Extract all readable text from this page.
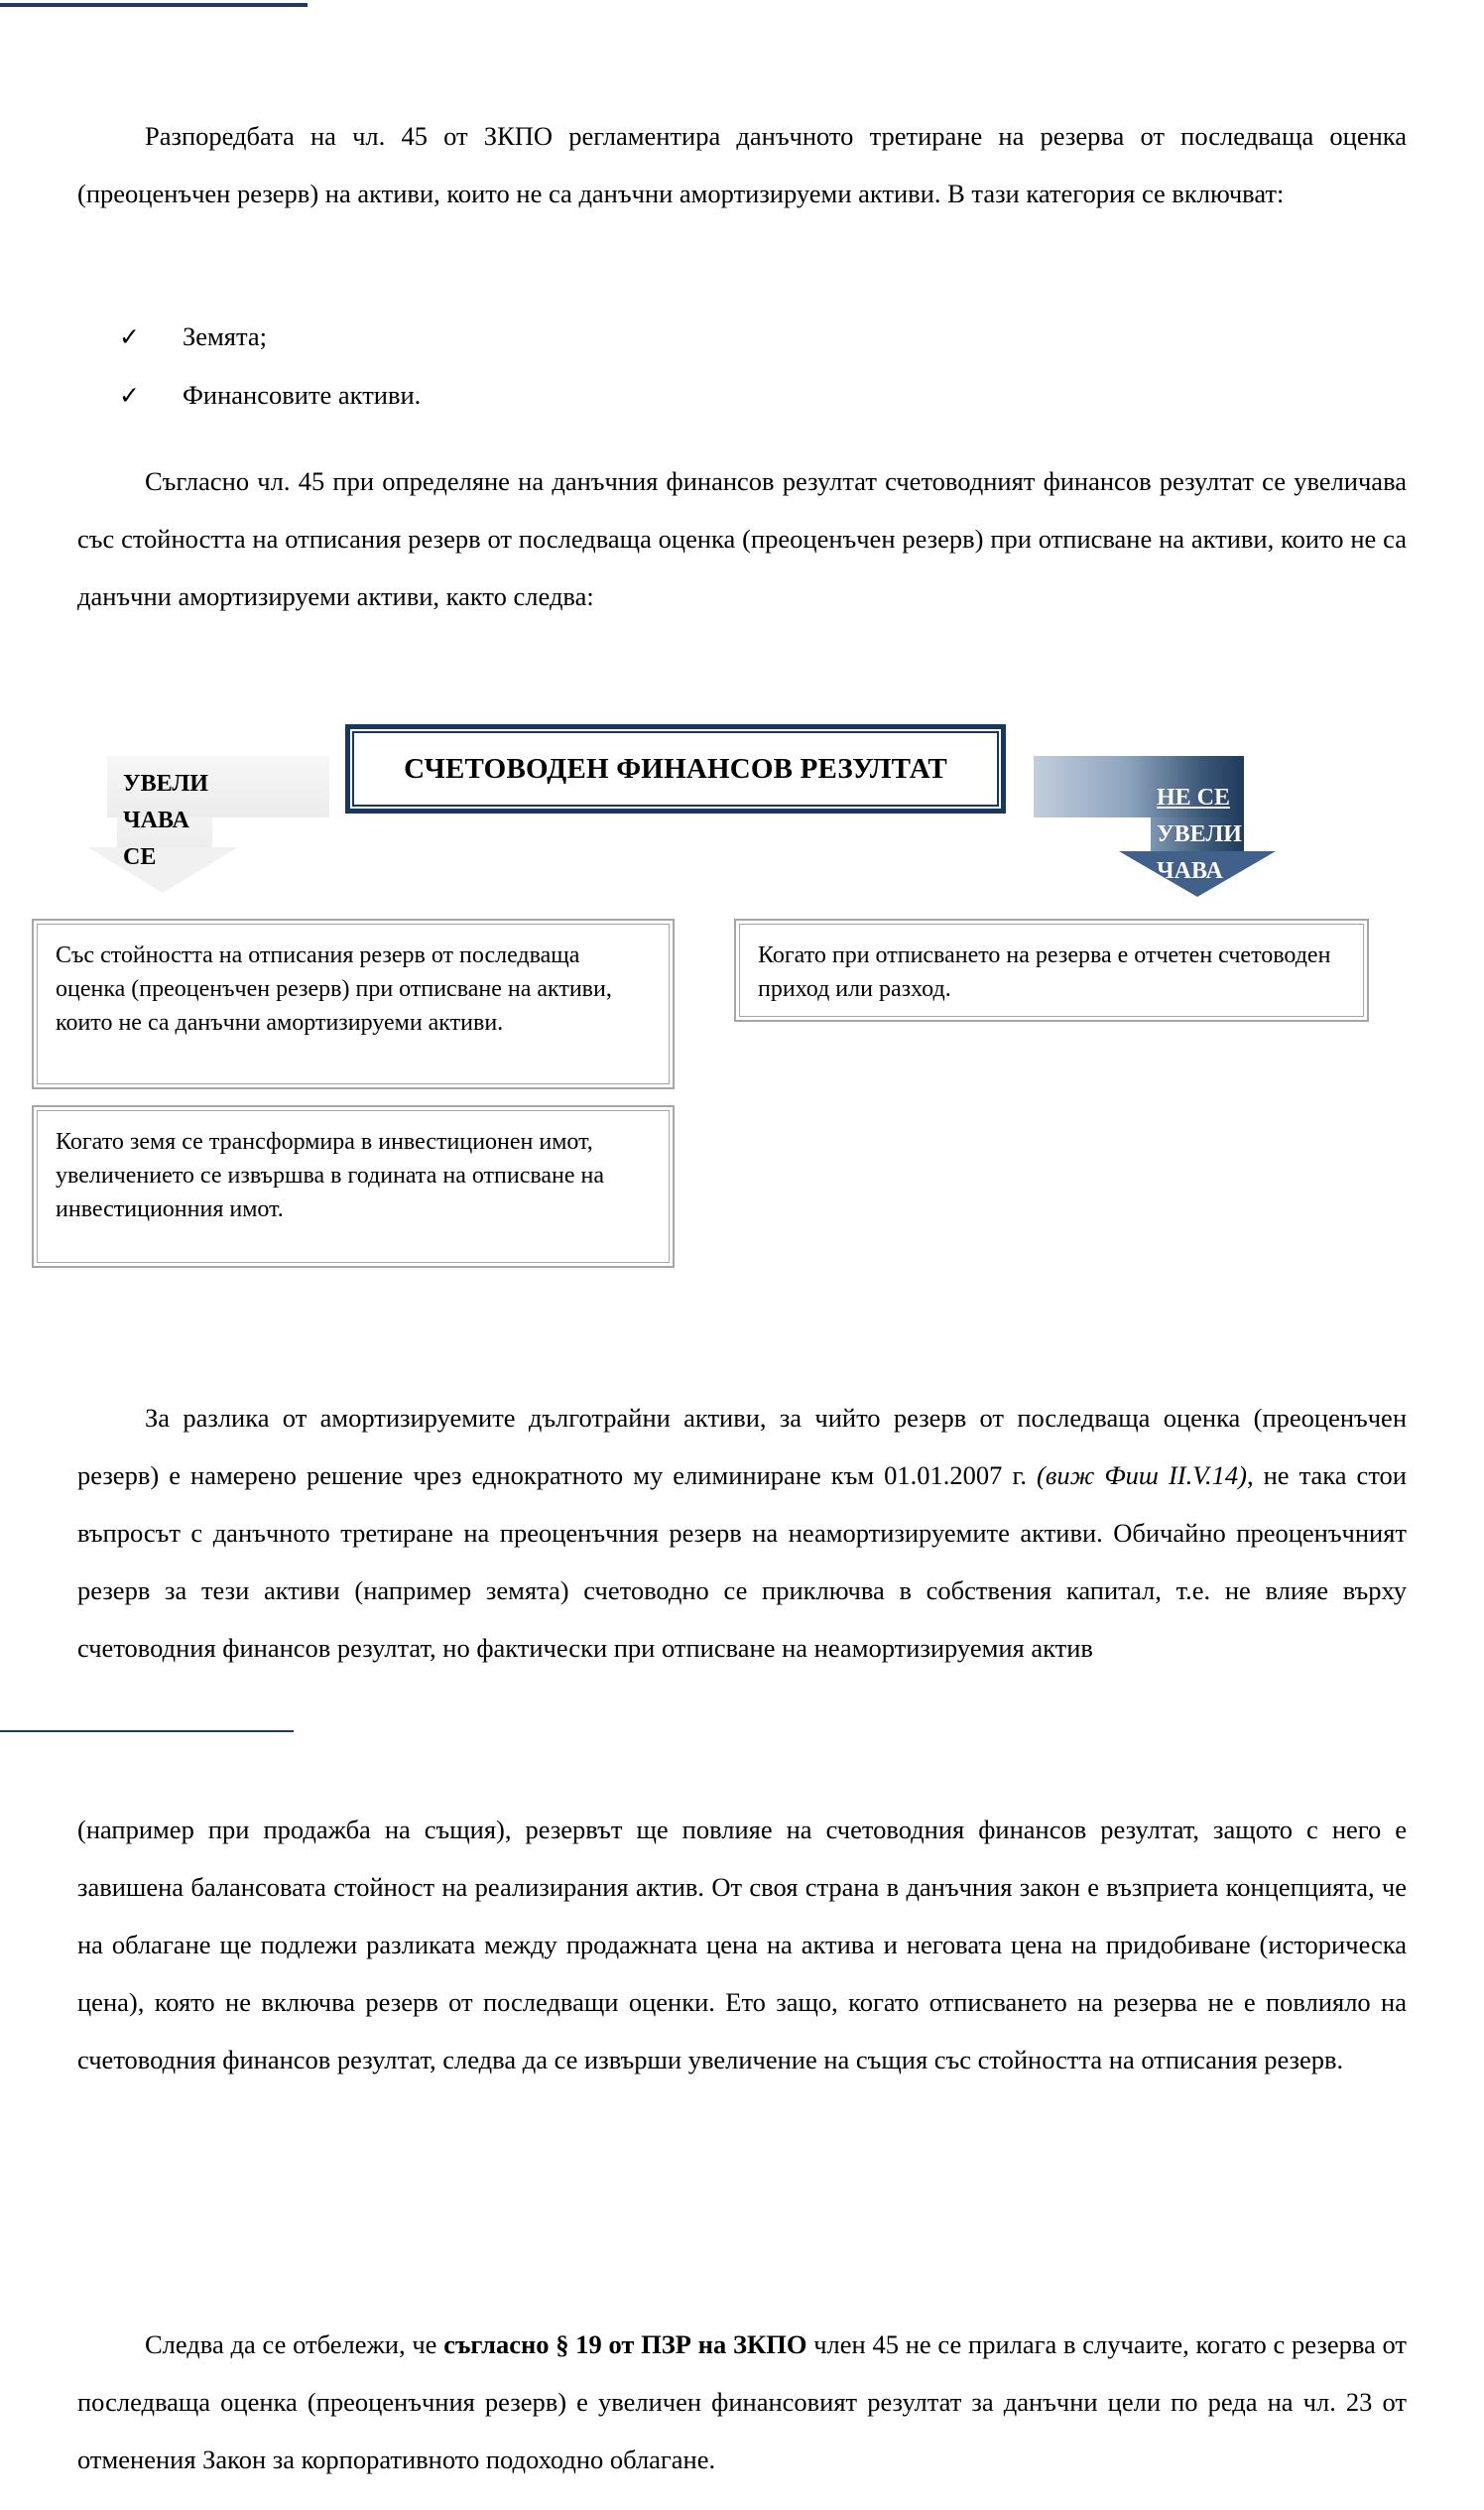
Разпоредбата на чл. 45 от ЗКПО регламентира данъчното третиране на резерва от последваща оценка (преоценъчен резерв) на активи, които не са данъчни амортизируеми активи. В тази категория се включват:

✓	Земята;
✓	Финансовите активи.

Съгласно чл. 45 при определяне на данъчния финансов резултат счетоводният финансов резултат се увеличава със стойността на отписания резерв от последваща оценка (преоценъчен резерв) при отписване на активи, които не са данъчни амортизируеми активи, както следва:

УВЕЛИ
ЧАВА
СЕ
СЧЕТОВОДЕН ФИНАНСОВ РЕЗУЛТАТ
НЕ СЕ
УВЕЛИ
ЧАВА

Със стойността на отписания резерв от последваща оценка (преоценъчен резерв) при отписване на активи, които не са данъчни амортизируеми активи.

Когато земя се трансформира в инвестиционен имот, увеличението се извършва в годината на отписване на инвестиционния имот.

Когато при отписването на резерва е отчетен счетоводен приход или разход.

За разлика от амортизируемите дълготрайни активи, за чийто резерв от последваща оценка (преоценъчен резерв) е намерено решение чрез еднократното му елиминиране към 01.01.2007 г. (виж Фиш II.V.14), не така стои въпросът с данъчното третиране на преоценъчния резерв на неамортизируемите активи. Обичайно преоценъчният резерв за тези активи (например земята) счетоводно се приключва в собствения капитал, т.е. не влияе върху счетоводния финансов резултат, но фактически при отписване на неамортизируемия актив

(например при продажба на същия), резервът ще повлияе на счетоводния финансов резултат, защото с него е завишена балансовата стойност на реализирания актив. От своя страна в данъчния закон е възприета концепцията, че на облагане ще подлежи разликата между продажната цена на актива и неговата цена на придобиване (историческа цена), която не включва резерв от последващи оценки. Ето защо, когато отписването на резерва не е повлияло на счетоводния финансов резултат, следва да се извърши увеличение на същия със стойността на отписания резерв.

Следва да се отбележи, че съгласно § 19 от ПЗР на ЗКПО член 45 не се прилага в случаите, когато с резерва от последваща оценка (преоценъчния резерв) е увеличен финансовият резултат за данъчни цели по реда на чл. 23 от отменения Закон за корпоративното подоходно облагане.
